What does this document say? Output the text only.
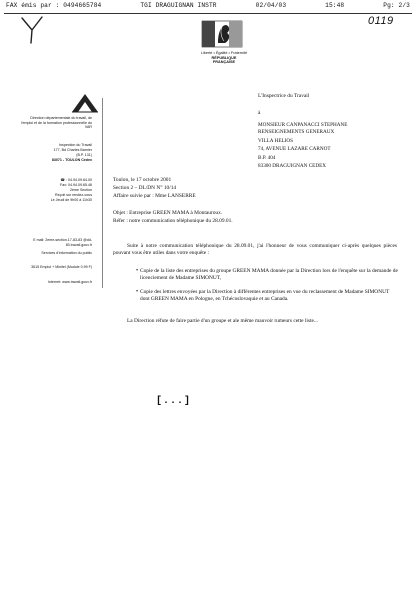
FAX émis par : 0494665784	TGI DRAGUIGNAN INSTR	02/04/03	15:48	Pg: 2/3
0119
Liberté • Égalité • Fraternité
RÉPUBLIQUE FRANÇAISE
Direction départementale du travail, de l'emploi et de la formation professionnelle du VAR
Inspection du Travail
177, Bd Charles Barnier
(B.P. 131)
83071 - TOULON Cedex
☎ : 04.94.09.64.00
Fax: 04.94.09.65.46
2ème Section
Reçoit sur rendez-vous
Le Jeudi de 9h00 à 11h30
E mail: 2eme-section.17-83-83 @dd-83.travail.gouv.fr
Services d'information du public
3615 Emploi + Minitel (Module 0.99 F)
Internet: www.travail.gouv.fr
L'Inspectrice du Travail
à
MONSIEUR CANPANACCI STEPHANE
RENSEIGNEMENTS GENERAUX
VILLA HELIOS
74, AVENUE LAZARE CARNOT
B.P. 404
83300 DRAGUIGNAN CEDEX
Toulon, le 17 octobre 2001
Section 2 – DL/DN N° 10/14
Affaire suivie par : Mme LANSERRE
Objet : Entreprise GREEN MAMA à Montauroux.
Réfer : notre communication téléphonique du 28.09.01.
Suite à notre communication téléphonique du 28.09.01, j'ai l'honneur de vous communiquer ci-après quelques pièces pouvant vous être utiles dans votre enquête :
• Copie de la liste des entreprises du groupe GREEN MAMA donnée par la Direction lors de l'enquête sur la demande de licenciement de Madame SIMONUT,
• Copie des lettres envoyées par la Direction à différentes entreprises en vue du reclassement de Madame SIMONUT dont GREEN MAMA en Pologne, en Tchécoslovaquie et au Canada.
La Direction réfute de faire partie d'un groupe et ale même mauvoir rumeurs cette liste...
[...]
